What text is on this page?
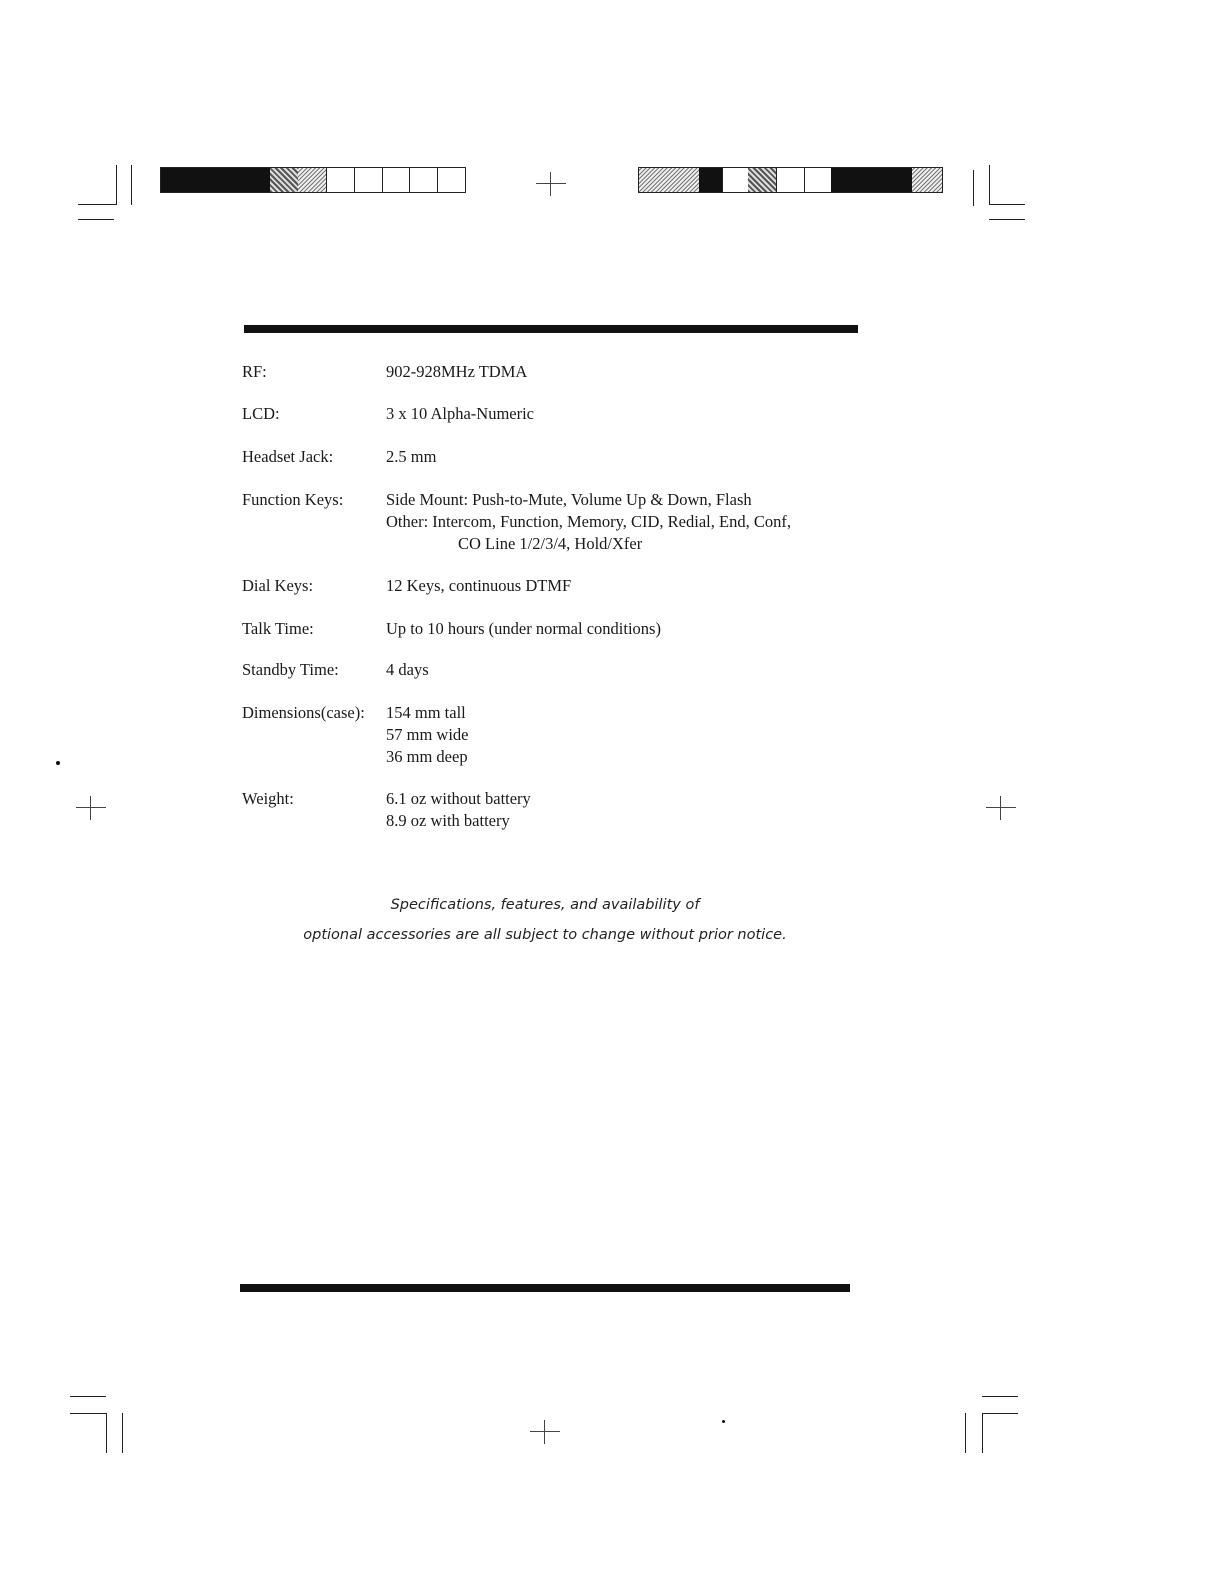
RF:	902-928MHz TDMA
LCD:	3 x 10 Alpha-Numeric
Headset Jack:	2.5 mm
Function Keys:	Side Mount: Push-to-Mute, Volume Up & Down, Flash
Other: Intercom, Function, Memory, CID, Redial, End, Conf,
CO Line 1/2/3/4, Hold/Xfer
Dial Keys:	12 Keys, continuous DTMF
Talk Time:	Up to 10 hours (under normal conditions)
Standby Time:	4 days
Dimensions(case): 154 mm tall
57 mm wide
36 mm deep
Weight:	6.1 oz without battery
8.9 oz with battery
Specifications, features, and availability of
optional accessories are all subject to change without prior notice.
